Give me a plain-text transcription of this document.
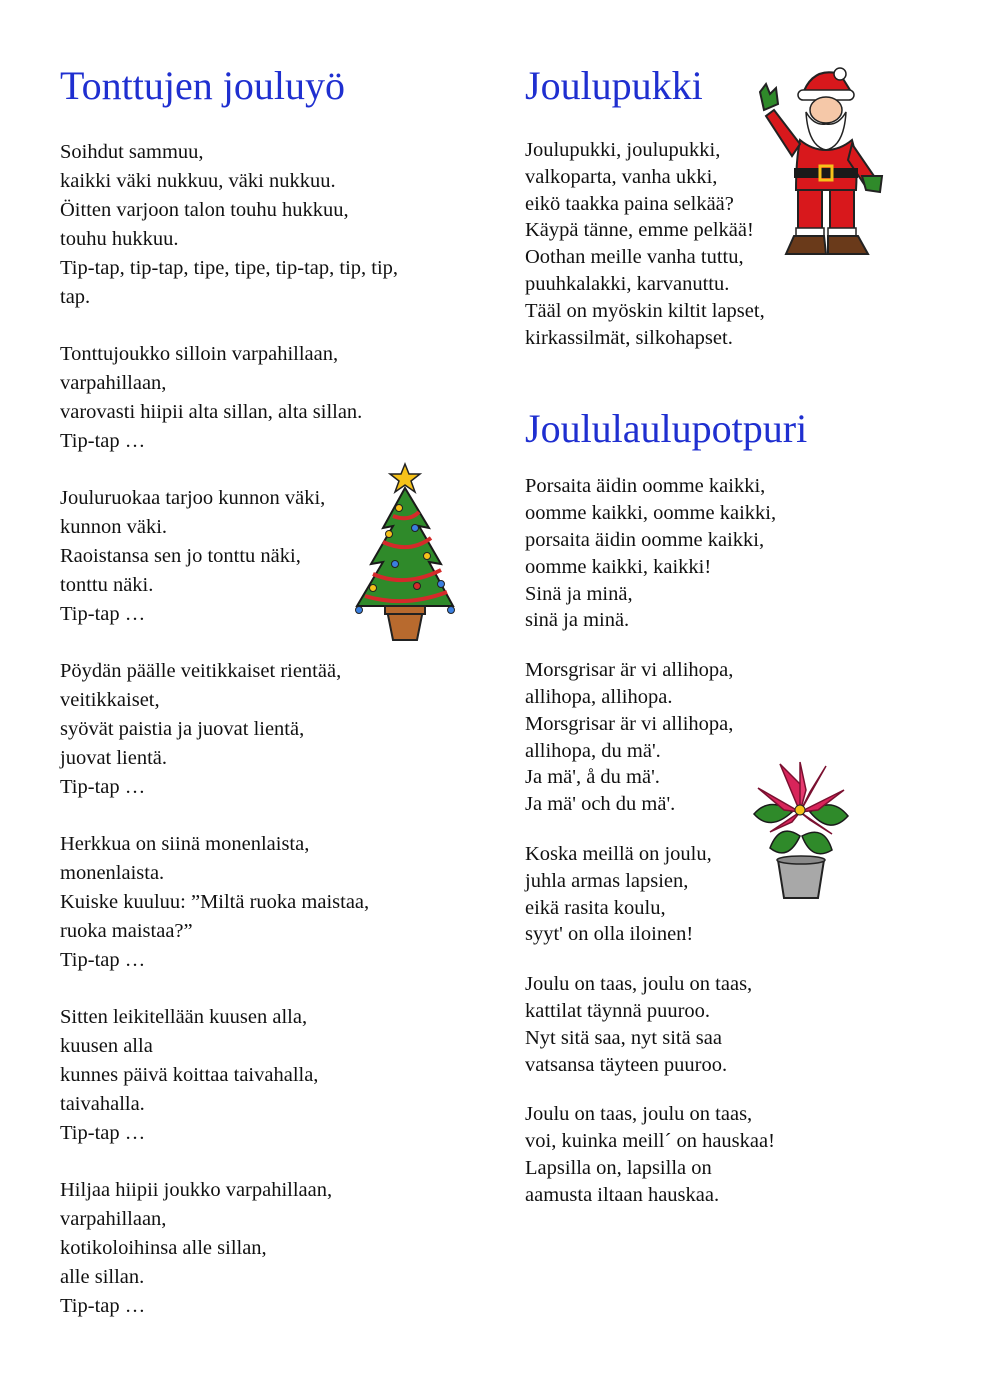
Tonttujen jouluyö

Soihdut sammuu,
kaikki väki nukkuu, väki nukkuu.
Öitten varjoon talon touhu hukkuu,
touhu hukkuu.
Tip-tap, tip-tap, tipe, tipe, tip-tap, tip, tip,
tap.

Tonttujoukko silloin varpahillaan,
varpahillaan,
varovasti hiipii alta sillan, alta sillan.
Tip-tap …

Jouluruokaa tarjoo kunnon väki,
kunnon väki.
Raoistansa sen jo tonttu näki,
tonttu näki.
Tip-tap …

Pöydän päälle veitikkaiset rientää,
veitikkaiset,
syövät paistia ja juovat lientä,
juovat lientä.
Tip-tap …

Herkkua on siinä monenlaista,
monenlaista.
Kuiske kuuluu: ”Miltä ruoka maistaa,
ruoka maistaa?”
Tip-tap …

Sitten leikitellään kuusen alla,
kuusen alla
kunnes päivä koittaa taivahalla,
taivahalla.
Tip-tap …

Hiljaa hiipii joukko varpahillaan,
varpahillaan,
kotikoloihinsa alle sillan,
alle sillan.
Tip-tap …

Joulupukki

Joulupukki, joulupukki,
valkoparta, vanha ukki,
eikö taakka paina selkää?
Käypä tänne, emme pelkää!
Oothan meille vanha tuttu,
puuhkalakki, karvanuttu.
Tääl on myöskin kiltit lapset,
kirkassilmät, silkohapset.

Joululaulupotpuri

Porsaita äidin oomme kaikki,
oomme kaikki, oomme kaikki,
porsaita äidin oomme kaikki,
oomme kaikki, kaikki!
Sinä ja minä,
sinä ja minä.

Morsgrisar är vi allihopa,
allihopa, allihopa.
Morsgrisar är vi allihopa,
allihopa, du mä'.
Ja mä', å du mä'.
Ja mä' och du mä'.

Koska meillä on joulu,
juhla armas lapsien,
eikä rasita koulu,
syyt' on olla iloinen!

Joulu on taas, joulu on taas,
kattilat täynnä puuroo.
Nyt sitä saa, nyt sitä saa
vatsansa täyteen puuroo.

Joulu on taas, joulu on taas,
voi, kuinka meill´ on hauskaa!
Lapsilla on, lapsilla on
aamusta iltaan hauskaa.
